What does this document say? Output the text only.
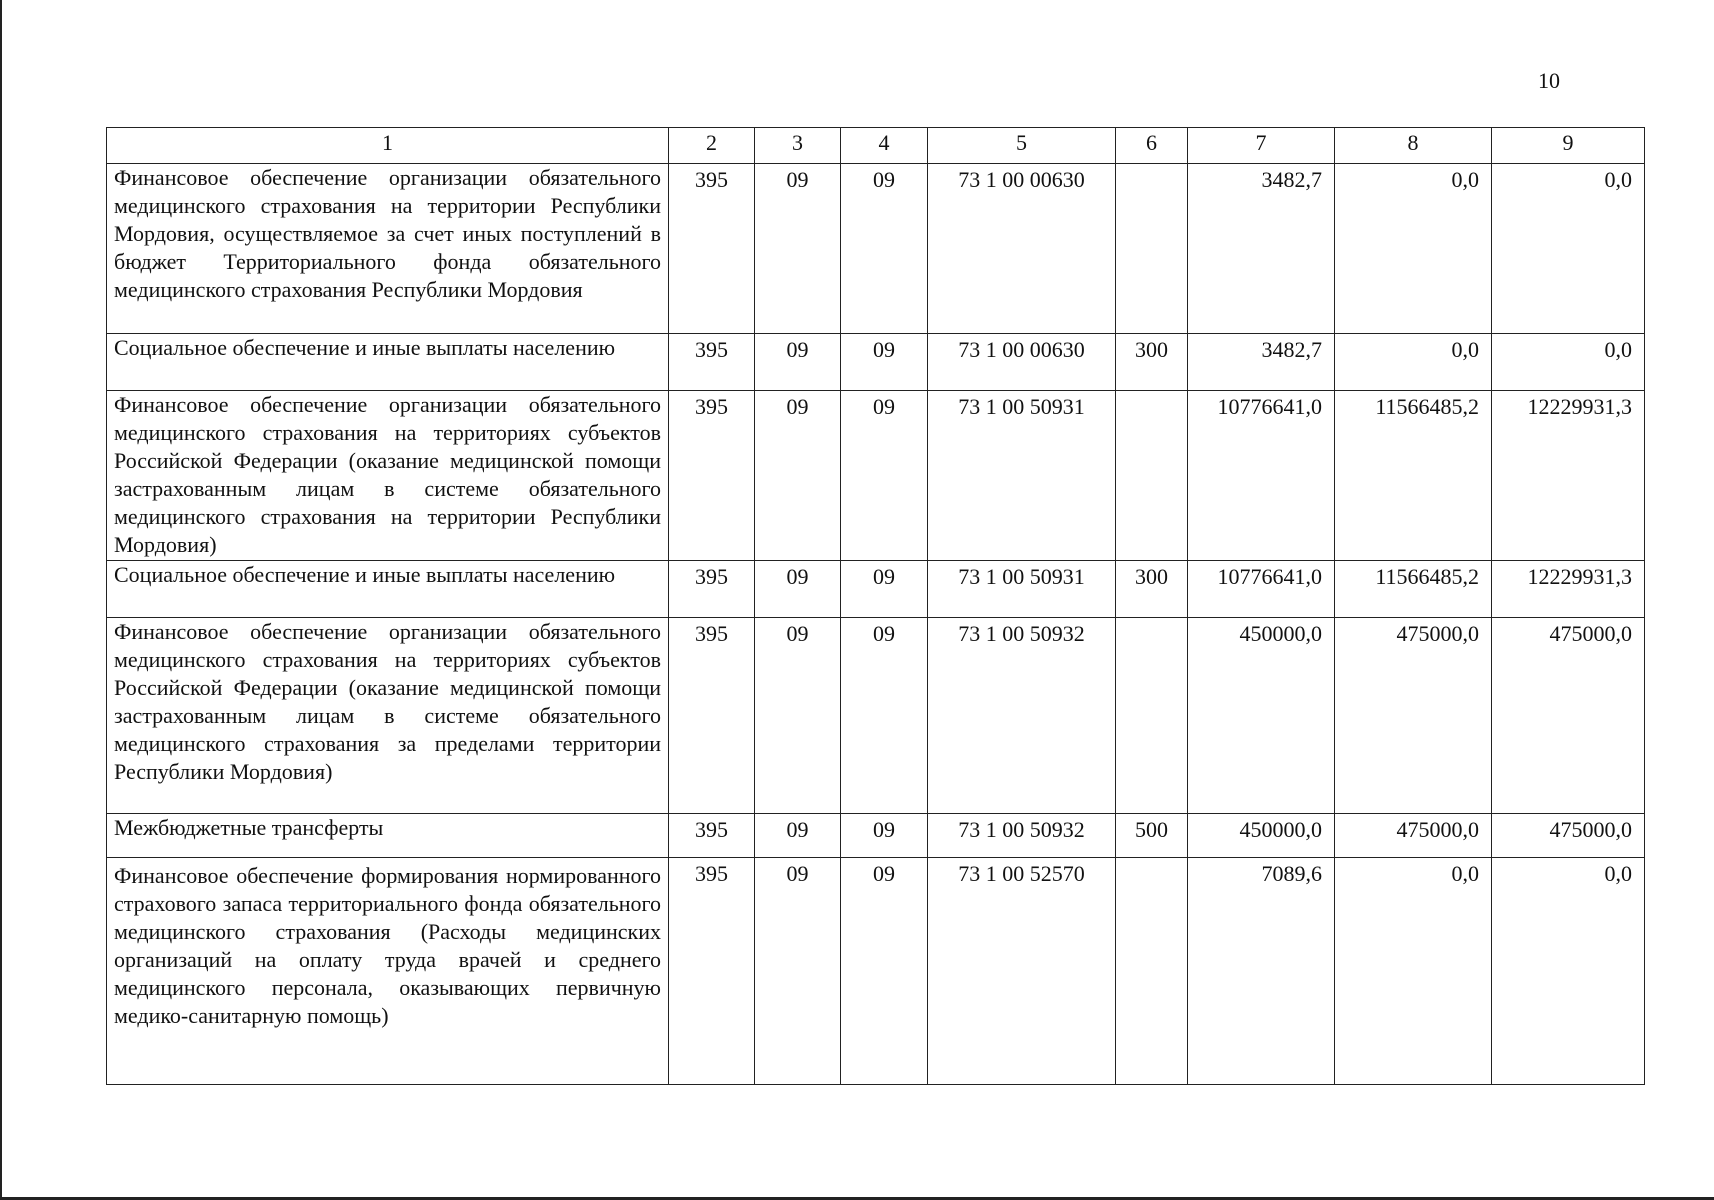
10
1	2	3	4	5	6	7	8	9
Финансовое обеспечение организации обязательного медицинского страхования на территории Республики Мордовия, осуществляемое за счет иных поступлений в бюджет Территориального фонда обязательного медицинского страхования Республики Мордовия	395	09	09	73 1 00 00630		3482,7	0,0	0,0
Социальное обеспечение и иные выплаты населению	395	09	09	73 1 00 00630	300	3482,7	0,0	0,0
Финансовое обеспечение организации обязательного медицинского страхования на территориях субъектов Российской Федерации (оказание медицинской помощи застрахованным лицам в системе обязательного медицинского страхования на территории Республики Мордовия)	395	09	09	73 1 00 50931		10776641,0	11566485,2	12229931,3
Социальное обеспечение и иные выплаты населению	395	09	09	73 1 00 50931	300	10776641,0	11566485,2	12229931,3
Финансовое обеспечение организации обязательного медицинского страхования на территориях субъектов Российской Федерации (оказание медицинской помощи застрахованным лицам в системе обязательного медицинского страхования за пределами территории Республики Мордовия)	395	09	09	73 1 00 50932		450000,0	475000,0	475000,0
Межбюджетные трансферты	395	09	09	73 1 00 50932	500	450000,0	475000,0	475000,0
Финансовое обеспечение формирования нормированного страхового запаса территориального фонда обязательного медицинского страхования (Расходы медицинских организаций на оплату труда врачей и среднего медицинского персонала, оказывающих первичную медико-санитарную помощь)	395	09	09	73 1 00 52570		7089,6	0,0	0,0
